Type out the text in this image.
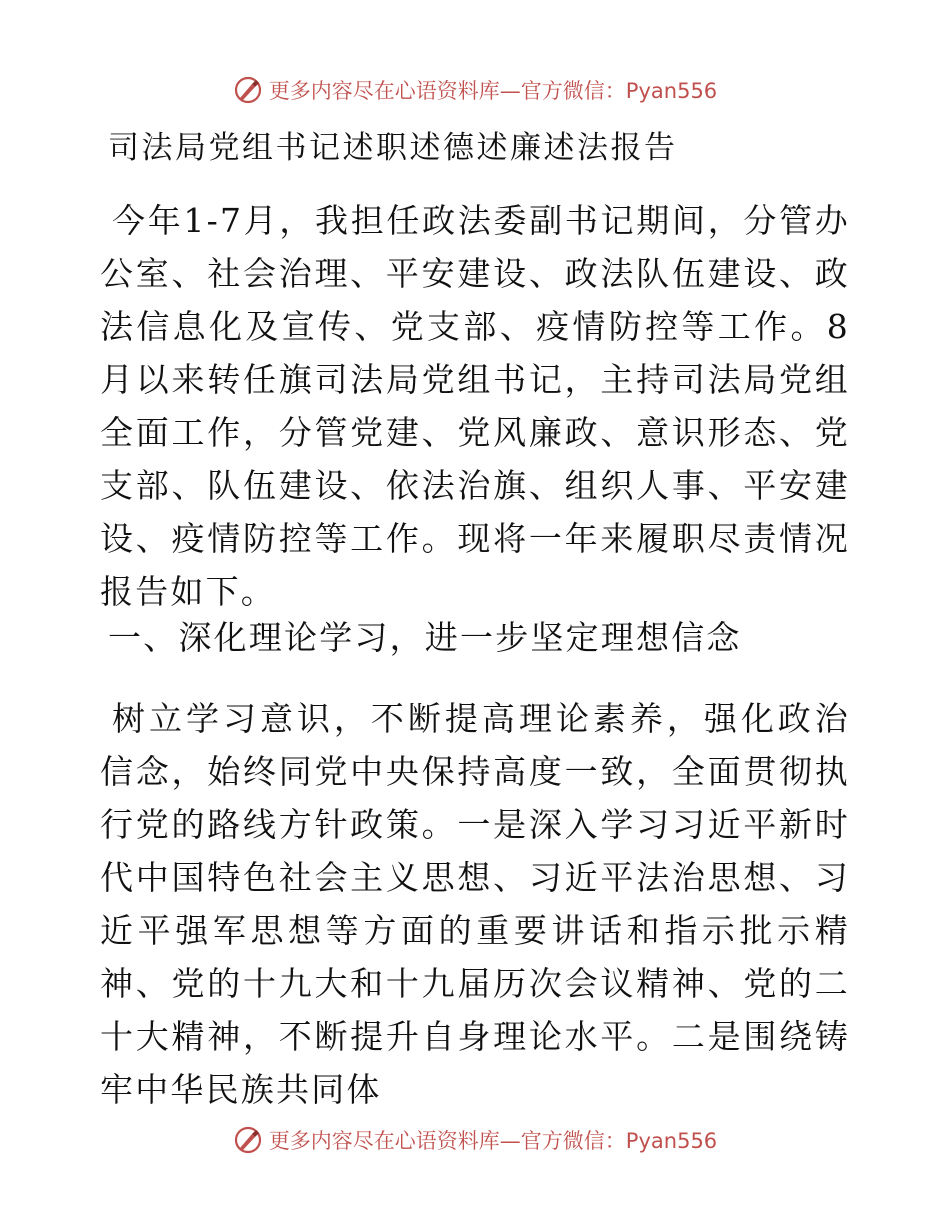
更多内容尽在心语资料库—官方微信：Pyan556
司法局党组书记述职述德述廉述法报告

今年1-7月，我担任政法委副书记期间，分管办公室、社会治理、平安建设、政法队伍建设、政法信息化及宣传、党支部、疫情防控等工作。8月以来转任旗司法局党组书记，主持司法局党组全面工作，分管党建、党风廉政、意识形态、党支部、队伍建设、依法治旗、组织人事、平安建设、疫情防控等工作。现将一年来履职尽责情况报告如下。

一、深化理论学习，进一步坚定理想信念

树立学习意识，不断提高理论素养，强化政治信念，始终同党中央保持高度一致，全面贯彻执行党的路线方针政策。一是深入学习习近平新时代中国特色社会主义思想、习近平法治思想、习近平强军思想等方面的重要讲话和指示批示精神、党的十九大和十九届历次会议精神、党的二十大精神，不断提升自身理论水平。二是围绕铸牢中华民族共同体

更多内容尽在心语资料库—官方微信：Pyan556
